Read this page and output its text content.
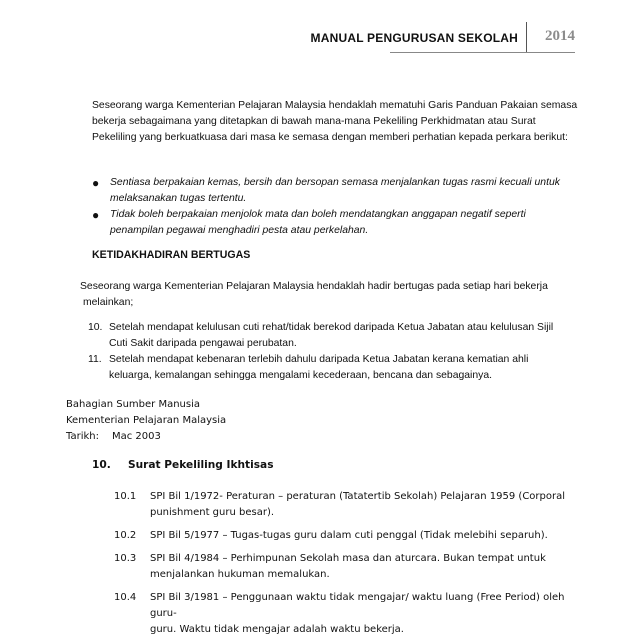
MANUAL PENGURUSAN SEKOLAH 2014
Seseorang warga Kementerian Pelajaran Malaysia hendaklah mematuhi Garis Panduan Pakaian semasa
bekerja sebagaimana yang ditetapkan di bawah mana-mana Pekeliling Perkhidmatan atau Surat
Pekeliling yang berkuatkuasa dari masa ke semasa dengan memberi perhatian kepada perkara berikut:
● Sentiasa berpakaian kemas, bersih dan bersopan semasa menjalankan tugas rasmi kecuali untuk
melaksanakan tugas tertentu.
● Tidak boleh berpakaian menjolok mata dan boleh mendatangkan anggapan negatif seperti
penampilan pegawai menghadiri pesta atau perkelahan.
KETIDAKHADIRAN BERTUGAS
Seseorang warga Kementerian Pelajaran Malaysia hendaklah hadir bertugas pada setiap hari bekerja
melainkan;
10. Setelah mendapat kelulusan cuti rehat/tidak berekod daripada Ketua Jabatan atau kelulusan Sijil
Cuti Sakit daripada pengawai perubatan.
11. Setelah mendapat kebenaran terlebih dahulu daripada Ketua Jabatan kerana kematian ahli
keluarga, kemalangan sehingga mengalami kecederaan, bencana dan sebagainya.
Bahagian Sumber Manusia
Kementerian Pelajaran Malaysia
Tarikh: Mac 2003
10. Surat Pekeliling Ikhtisas
10.1 SPI Bil 1/1972- Peraturan – peraturan (Tatatertib Sekolah) Pelajaran 1959 (Corporal
punishment guru besar).
10.2 SPI Bil 5/1977 – Tugas-tugas guru dalam cuti penggal (Tidak melebihi separuh).
10.3 SPI Bil 4/1984 – Perhimpunan Sekolah masa dan aturcara. Bukan tempat untuk
menjalankan hukuman memalukan.
10.4 SPI Bil 3/1981 – Penggunaan waktu tidak mengajar/ waktu luang (Free Period) oleh guru-
guru. Waktu tidak mengajar adalah waktu bekerja.
